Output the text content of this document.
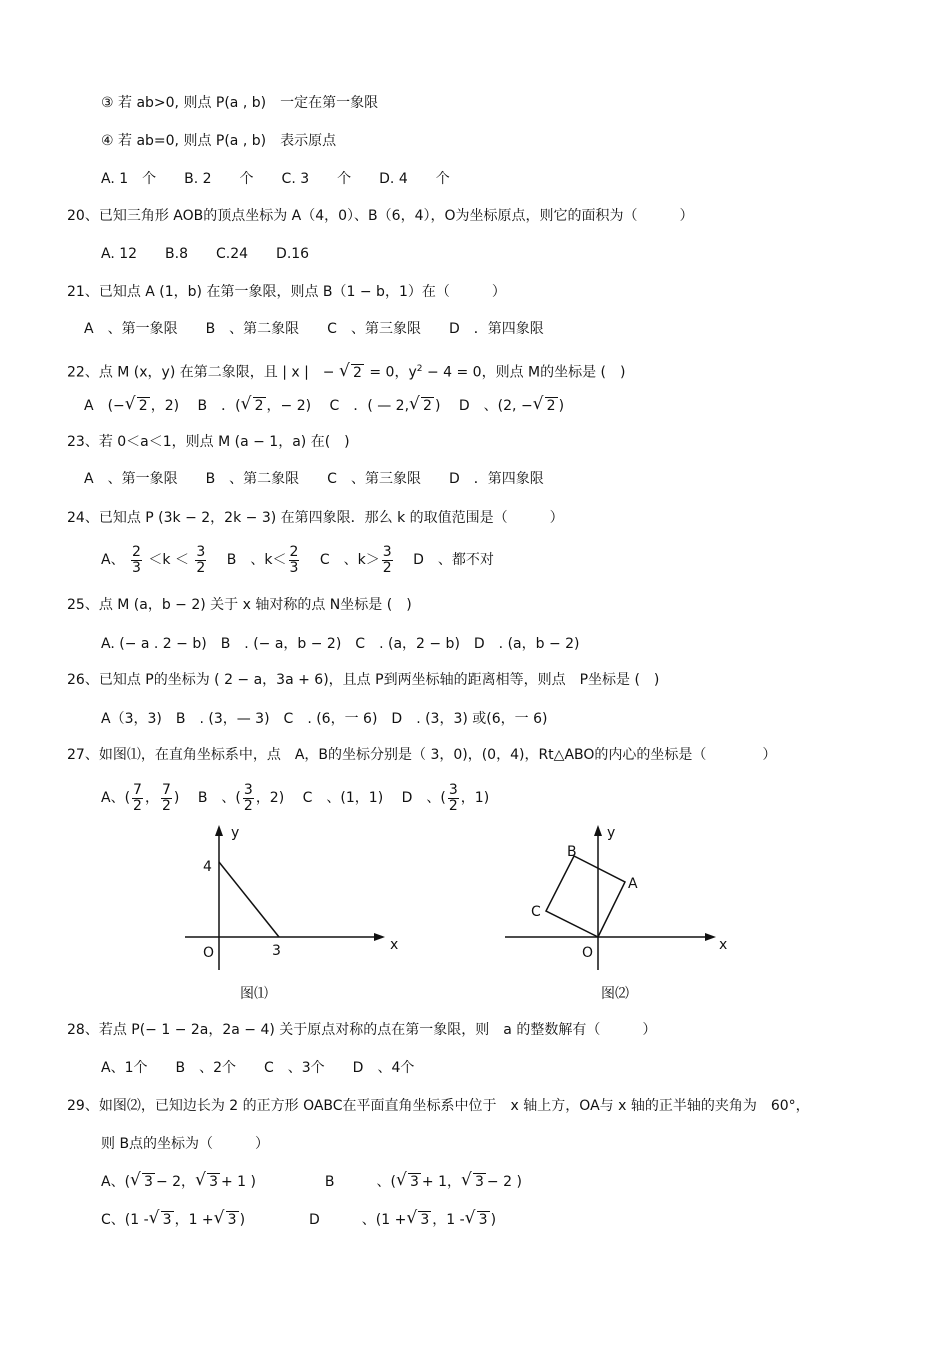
③ 若 ab>0, 则点 P(a , b)　一定在第一象限
④ 若 ab=0, 则点 P(a , b)　表示原点
A. 1　个　　B. 2　　个　　C. 3　　个　　D. 4　　个
20、已知三角形 AOB的顶点坐标为 A（4，0）、B（6，4），O为坐标原点，则它的面积为（　　　）
A. 12　　B.8　　C.24　　D.16
21、已知点 A (1，b) 在第一象限，则点 B（1 − b，1）在（　　　）
A　、第一象限　　B　、第二象限　　C　、第三象限　　D　．第四象限
22、点 M (x，y) 在第二象限，且 | x |　− √ 2 = 0，$y^2 - 4 = 0$，则点 M的坐标是 (　)
A　(− √ 2 ，2) 　 B　．( √ 2 ，− 2) 　 C　．( — 2, √ 2 ) 　 D　、(2, − √ 2 )
23、若 0＜a＜1，则点 M (a − 1，a) 在(　)
A　、第一象限　　B　、第二象限　　C　、第三象限　　D　．第四象限
24、已知点 P (3k − 2，2k − 3) 在第四象限．那么 k 的取值范围是（　　　）
A、 $\frac{2}{3} <k < \frac{3}{2}$
　 B　、$k< \frac{2}{3}$
　 C　、$k> \frac{3}{2}$
　 D　、都不对
25、点 M (a，b − 2) 关于 x 轴对称的点 N坐标是 (　)
A. (− a . 2 − b)　B　. (− a，b − 2)　C　. (a，2 − b)　D　. (a，b − 2)
26、已知点 P的坐标为 ( 2 − a，3a + 6)，且点 P到两坐标轴的距离相等，则点　P坐标是 (　)
A（3，3)　B　. (3，— 3)　C　. (6，一 6)　D　. (3，3) 或(6，一 6)
27、如图⑴，在直角坐标系中，点　A，B的坐标分别是（ 3，0)，(0，4)，Rt△ABO的内心的坐标是（　　　　）
A、( $\frac{7}{2}$ ， $\frac{7}{2}$ ) 　 B　、( $\frac{3}{2}$ ，2) 　 C　、(1，1) 　 D　、( $\frac{3}{2}$ ，1)
y
x
O
4
3
图⑴
y
x
O
A
B
C
图⑵
28、若点 P(− 1 − 2a，2a − 4) 关于原点对称的点在第一象限，则　a 的整数解有（　　　）
A、1个　　B　、2个　　C　、3个　　D　、4个
29、如图⑵，已知边长为 2 的正方形 OABC在平面直角坐标系中位于　x 轴上方，OA与 x 轴的正半轴的夹角为　60°，
则 B点的坐标为（　　　）
A、( √ 3 − 2， √ 3 + 1 )	B　　　、( √ 3 + 1， √ 3 − 2 )
C、(1 - √ 3 ，1 + √ 3 )	D　　　、(1 + √ 3 ，1 - √ 3 )
